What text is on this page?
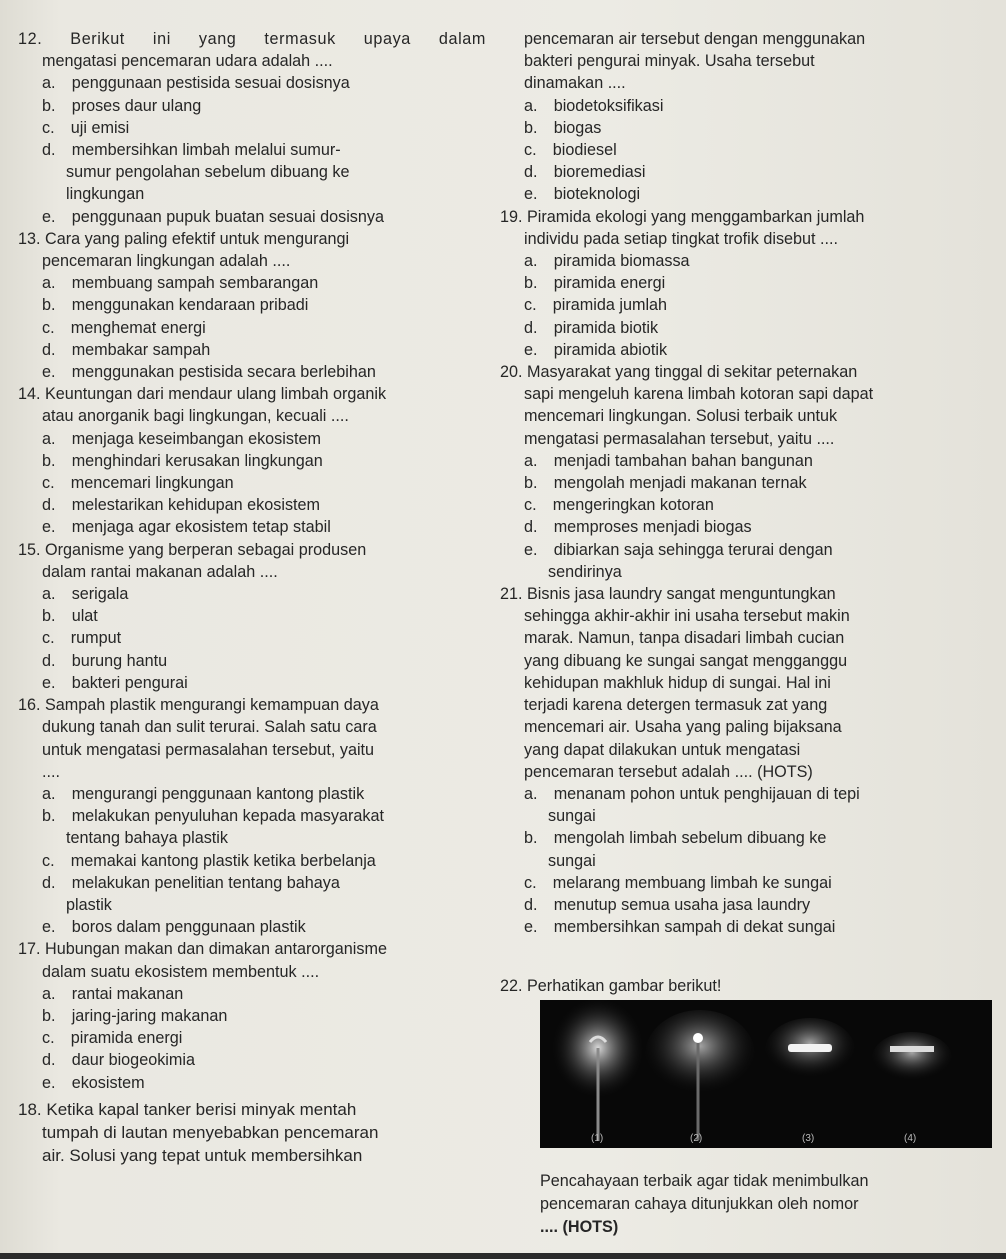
12. Berikut ini yang termasuk upaya dalam
mengatasi pencemaran udara adalah ....
a. penggunaan pestisida sesuai dosisnya
b. proses daur ulang
c. uji emisi
d. membersihkan limbah melalui sumur-
sumur pengolahan sebelum dibuang ke
lingkungan
e. penggunaan pupuk buatan sesuai dosisnya
13. Cara yang paling efektif untuk mengurangi
pencemaran lingkungan adalah ....
a. membuang sampah sembarangan
b. menggunakan kendaraan pribadi
c. menghemat energi
d. membakar sampah
e. menggunakan pestisida secara berlebihan
14. Keuntungan dari mendaur ulang limbah organik
atau anorganik bagi lingkungan, kecuali ....
a. menjaga keseimbangan ekosistem
b. menghindari kerusakan lingkungan
c. mencemari lingkungan
d. melestarikan kehidupan ekosistem
e. menjaga agar ekosistem tetap stabil
15. Organisme yang berperan sebagai produsen
dalam rantai makanan adalah ....
a. serigala
b. ulat
c. rumput
d. burung hantu
e. bakteri pengurai
16. Sampah plastik mengurangi kemampuan daya
dukung tanah dan sulit terurai. Salah satu cara
untuk mengatasi permasalahan tersebut, yaitu
....
a. mengurangi penggunaan kantong plastik
b. melakukan penyuluhan kepada masyarakat
tentang bahaya plastik
c. memakai kantong plastik ketika berbelanja
d. melakukan penelitian tentang bahaya
plastik
e. boros dalam penggunaan plastik
17. Hubungan makan dan dimakan antarorganisme
dalam suatu ekosistem membentuk ....
a. rantai makanan
b. jaring-jaring makanan
c. piramida energi
d. daur biogeokimia
e. ekosistem
18. Ketika kapal tanker berisi minyak mentah
tumpah di lautan menyebabkan pencemaran
air. Solusi yang tepat untuk membersihkan
pencemaran air tersebut dengan menggunakan
bakteri pengurai minyak. Usaha tersebut
dinamakan ....
a. biodetoksifikasi
b. biogas
c. biodiesel
d. bioremediasi
e. bioteknologi
19. Piramida ekologi yang menggambarkan jumlah
individu pada setiap tingkat trofik disebut ....
a. piramida biomassa
b. piramida energi
c. piramida jumlah
d. piramida biotik
e. piramida abiotik
20. Masyarakat yang tinggal di sekitar peternakan
sapi mengeluh karena limbah kotoran sapi dapat
mencemari lingkungan. Solusi terbaik untuk
mengatasi permasalahan tersebut, yaitu ....
a. menjadi tambahan bahan bangunan
b. mengolah menjadi makanan ternak
c. mengeringkan kotoran
d. memproses menjadi biogas
e. dibiarkan saja sehingga terurai dengan
sendirinya
21. Bisnis jasa laundry sangat menguntungkan
sehingga akhir-akhir ini usaha tersebut makin
marak. Namun, tanpa disadari limbah cucian
yang dibuang ke sungai sangat mengganggu
kehidupan makhluk hidup di sungai. Hal ini
terjadi karena detergen termasuk zat yang
mencemari air. Usaha yang paling bijaksana
yang dapat dilakukan untuk mengatasi
pencemaran tersebut adalah .... (HOTS)
a. menanam pohon untuk penghijauan di tepi
sungai
b. mengolah limbah sebelum dibuang ke
sungai
c. melarang membuang limbah ke sungai
d. menutup semua usaha jasa laundry
e. membersihkan sampah di dekat sungai
22. Perhatikan gambar berikut!
(1)	(2)	(3)	(4)
Pencahayaan terbaik agar tidak menimbulkan
pencemaran cahaya ditunjukkan oleh nomor
.... (HOTS)
